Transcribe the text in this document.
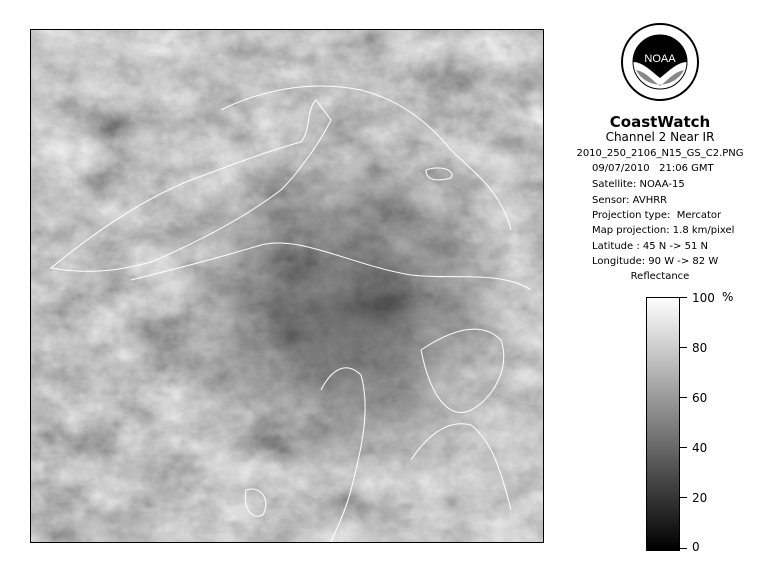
NOAA
CoastWatch
Channel 2 Near IR
2010_250_2106_N15_GS_C2.PNG
09/07/2010   21:06 GMT
Satellite: NOAA-15
Sensor: AVHRR
Projection type:  Mercator
Map projection: 1.8 km/pixel
Latitude : 45 N -> 51 N
Longitude: 90 W -> 82 W
Reflectance
%
100
80
60
40
20
0
